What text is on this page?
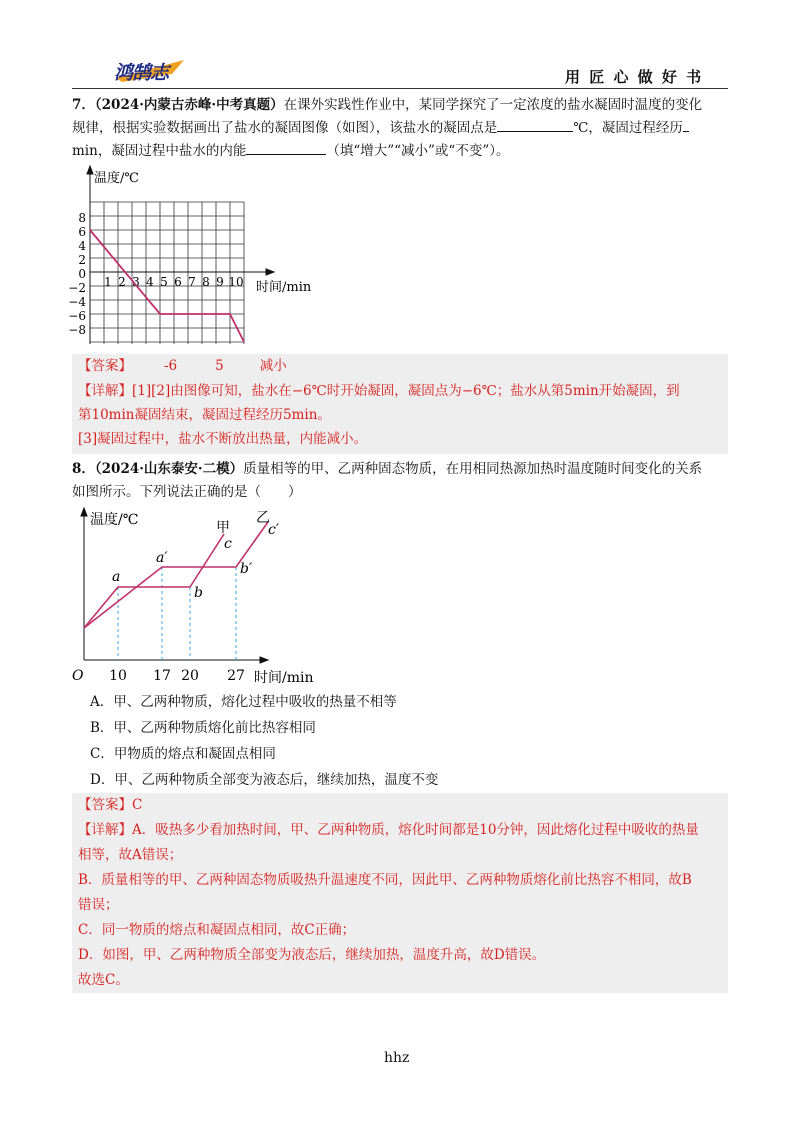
鸿鹄志	用 匠 心 做 好 书
7．（2024·内蒙古赤峰·中考真题）在课外实践性作业中，某同学探究了一定浓度的盐水凝固时温度的变化
规律，根据实验数据画出了盐水的凝固图像（如图），该盐水的凝固点是	℃，凝固过程经历
min，凝固过程中盐水的内能	（填“增大”“减小”或“不变”）。
温度/℃
时间/min
8
6
4
2
0
−2
−4
−6
−8
1 2 3 4 5 6 7 8 9 10
【答案】 -6	5	减小
【详解】[1][2]由图像可知，盐水在−6℃时开始凝固，凝固点为−6℃；盐水从第5min开始凝固，到
第10min凝固结束，凝固过程经历5min。
[3]凝固过程中，盐水不断放出热量，内能减小。
8．（2024·山东泰安·二模）质量相等的甲、乙两种固态物质，在用相同热源加热时温度随时间变化的关系
如图所示。下列说法正确的是（　　）
温度/℃
时间/min
O 10 17 20 27
甲
乙
a
b
c
a′
b′
c′
A．甲、乙两种物质，熔化过程中吸收的热量不相等
B．甲、乙两种物质熔化前比热容相同
C．甲物质的熔点和凝固点相同
D．甲、乙两种物质全部变为液态后，继续加热，温度不变
【答案】C
【详解】A．吸热多少看加热时间，甲、乙两种物质，熔化时间都是10分钟，因此熔化过程中吸收的热量
相等，故A错误；
B．质量相等的甲、乙两种固态物质吸热升温速度不同，因此甲、乙两种物质熔化前比热容不相同，故B
错误；
C．同一物质的熔点和凝固点相同，故C正确；
D．如图，甲、乙两种物质全部变为液态后，继续加热，温度升高，故D错误。
故选C。
hhz
